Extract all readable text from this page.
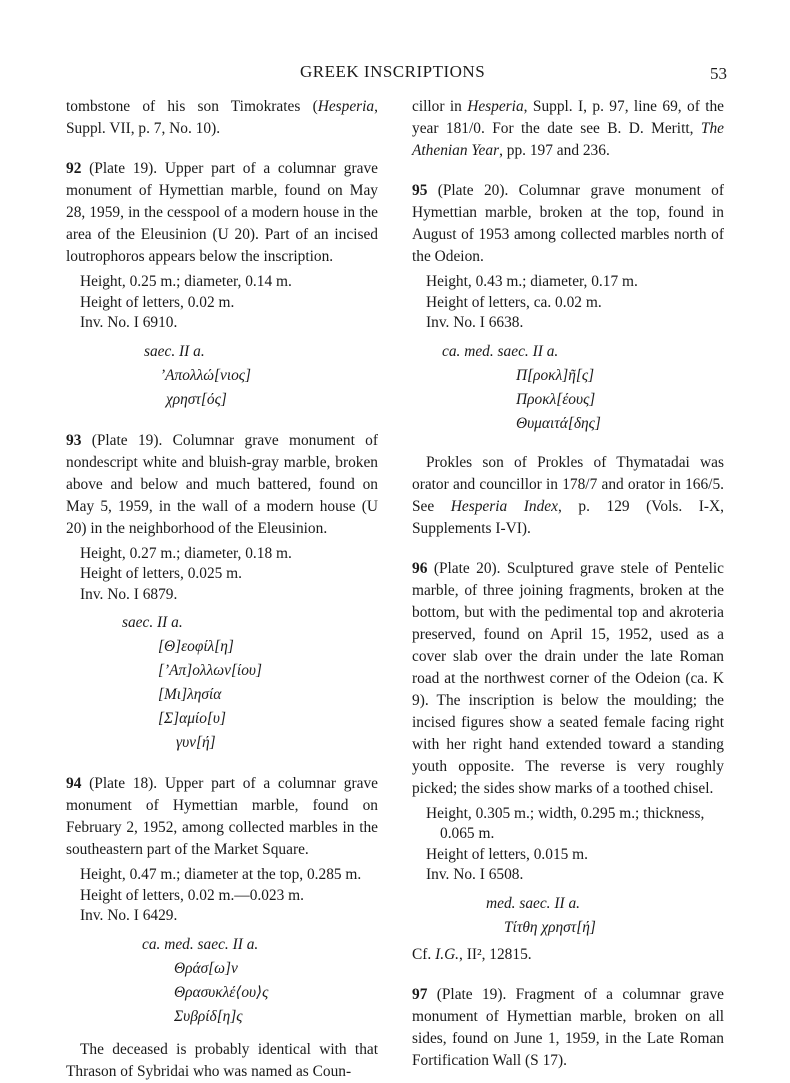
GREEK INSCRIPTIONS	53

tombstone of his son Timokrates (Hesperia, Suppl. VII, p. 7, No. 10).

92 (Plate 19). Upper part of a columnar grave monument of Hymettian marble, found on May 28, 1959, in the cesspool of a modern house in the area of the Eleusinion (U 20). Part of an incised loutrophoros appears below the inscription.

Height, 0.25 m.; diameter, 0.14 m.
Height of letters, 0.02 m.
Inv. No. I 6910.
saec. II a.
’Απολλώ[νιος]
χρηστ[ός]

93 (Plate 19). Columnar grave monument of nondescript white and bluish-gray marble, broken above and below and much battered, found on May 5, 1959, in the wall of a modern house (U 20) in the neighborhood of the Eleusinion.

Height, 0.27 m.; diameter, 0.18 m.
Height of letters, 0.025 m.
Inv. No. I 6879.
saec. II a.
[Θ]εοφίλ[η]
[’Απ]ολλων[ίου]
[Μι]λησία
[Σ]αμίο[υ]
γυν[ή]

94 (Plate 18). Upper part of a columnar grave monument of Hymettian marble, found on February 2, 1952, among collected marbles in the southeastern part of the Market Square.

Height, 0.47 m.; diameter at the top, 0.285 m.
Height of letters, 0.02 m.—0.023 m.
Inv. No. I 6429.
ca. med. saec. II a.
Θράσ[ω]ν
Θρασυκλέ⟨ου⟩ς
Συβρίδ[η]ς

The deceased is probably identical with that Thrason of Sybridai who was named as Coun-

cillor in Hesperia, Suppl. I, p. 97, line 69, of the year 181/0. For the date see B. D. Meritt, The Athenian Year, pp. 197 and 236.

95 (Plate 20). Columnar grave monument of Hymettian marble, broken at the top, found in August of 1953 among collected marbles north of the Odeion.

Height, 0.43 m.; diameter, 0.17 m.
Height of letters, ca. 0.02 m.
Inv. No. I 6638.
ca. med. saec. II a.
Π[ροκλ]ῆ[ς]
Προκλ[έους]
Θυμαιτά[δης]

Prokles son of Prokles of Thymatadai was orator and councillor in 178/7 and orator in 166/5. See Hesperia Index, p. 129 (Vols. I-X, Supplements I-VI).

96 (Plate 20). Sculptured grave stele of Pentelic marble, of three joining fragments, broken at the bottom, but with the pedimental top and akroteria preserved, found on April 15, 1952, used as a cover slab over the drain under the late Roman road at the northwest corner of the Odeion (ca. K 9). The inscription is below the moulding; the incised figures show a seated female facing right with her right hand extended toward a standing youth opposite. The reverse is very roughly picked; the sides show marks of a toothed chisel.

Height, 0.305 m.; width, 0.295 m.; thickness,
0.065 m.
Height of letters, 0.015 m.
Inv. No. I 6508.
med. saec. II a.
Τίτθη χρηστ[ή]

Cf. I.G., II², 12815.

97 (Plate 19). Fragment of a columnar grave monument of Hymettian marble, broken on all sides, found on June 1, 1959, in the Late Roman Fortification Wall (S 17).
